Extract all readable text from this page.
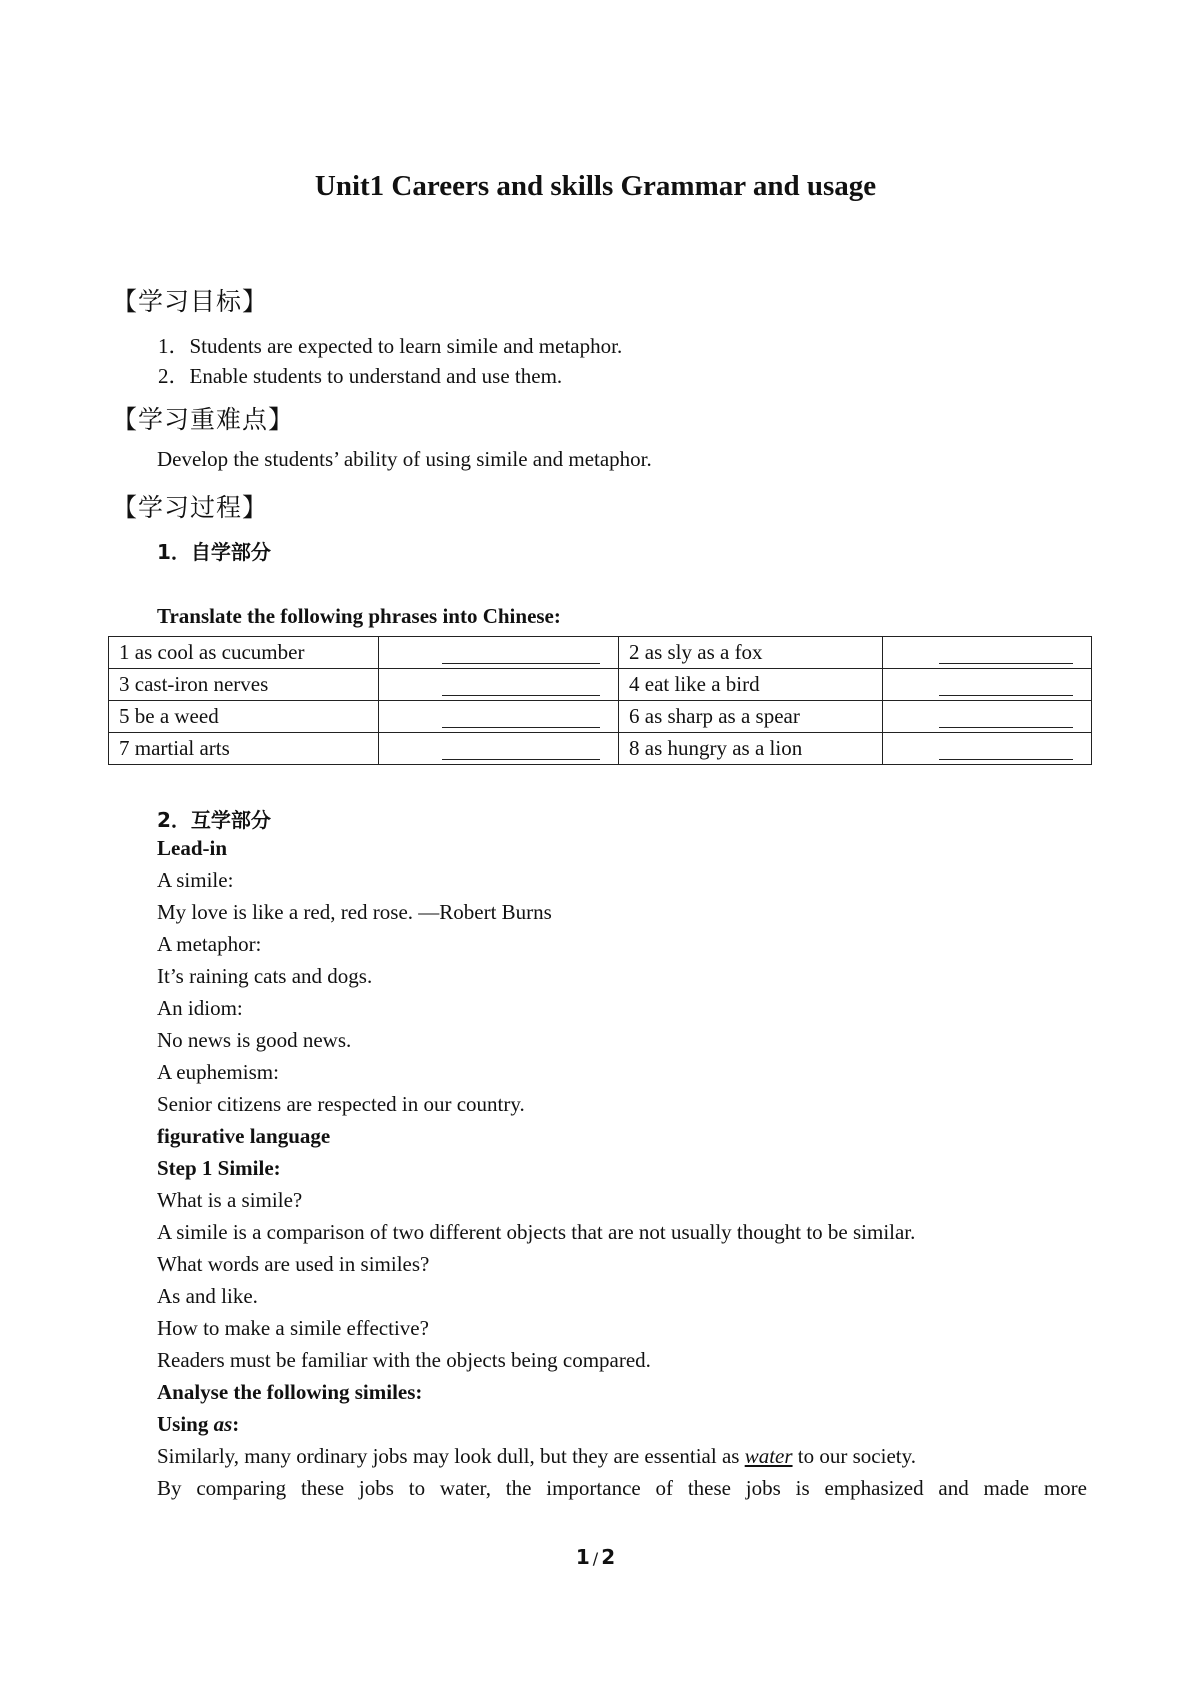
Unit1 Careers and skills Grammar and usage
【学习目标】

1．Students are expected to learn simile and metaphor.

2．Enable students to understand and use them.

【学习重难点】

Develop the students’ ability of using simile and metaphor.

【学习过程】

1．自学部分

Translate the following phrases into Chinese:

1 as cool as cucumber		2 as sly as a fox	
3 cast-iron nerves		4 eat like a bird	
5 be a weed		6 as sharp as a spear	
7 martial arts		8 as hungry as a lion	

2．互学部分

Lead-in

A simile:

My love is like a red, red rose. —Robert Burns

A metaphor:

It’s raining cats and dogs.

An idiom:

No news is good news.

A euphemism:

Senior citizens are respected in our country.

figurative language

Step 1 Simile:

What is a simile?

A simile is a comparison of two different objects that are not usually thought to be similar.

What words are used in similes?

As and like.

How to make a simile effective?

Readers must be familiar with the objects being compared.

Analyse the following similes:

Using as:

Similarly, many ordinary jobs may look dull, but they are essential as water to our society.

By comparing these jobs to water, the importance of these jobs is emphasized and made more

1 / 2
